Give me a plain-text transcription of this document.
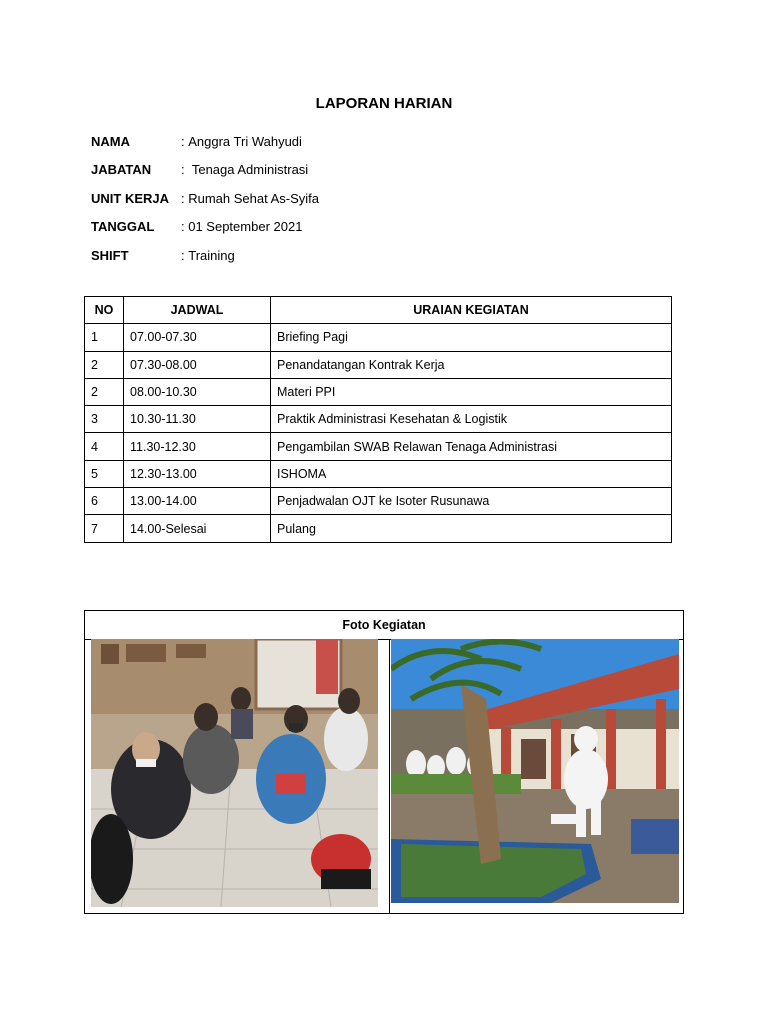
LAPORAN HARIAN
NAMA	: Anggra Tri Wahyudi
JABATAN	: Tenaga Administrasi
UNIT KERJA : Rumah Sehat As-Syifa
TANGGAL	: 01 September 2021
SHIFT	: Training
NO	JADWAL	URAIAN KEGIATAN
1	07.00-07.30	Briefing Pagi
2	07.30-08.00	Penandatangan Kontrak Kerja
2	08.00-10.30	Materi PPI
3	10.30-11.30	Praktik Administrasi Kesehatan & Logistik
4	11.30-12.30	Pengambilan SWAB Relawan Tenaga Administrasi
5	12.30-13.00	ISHOMA
6	13.00-14.00	Penjadwalan OJT ke Isoter Rusunawa
7	14.00-Selesai	Pulang
Foto Kegiatan
